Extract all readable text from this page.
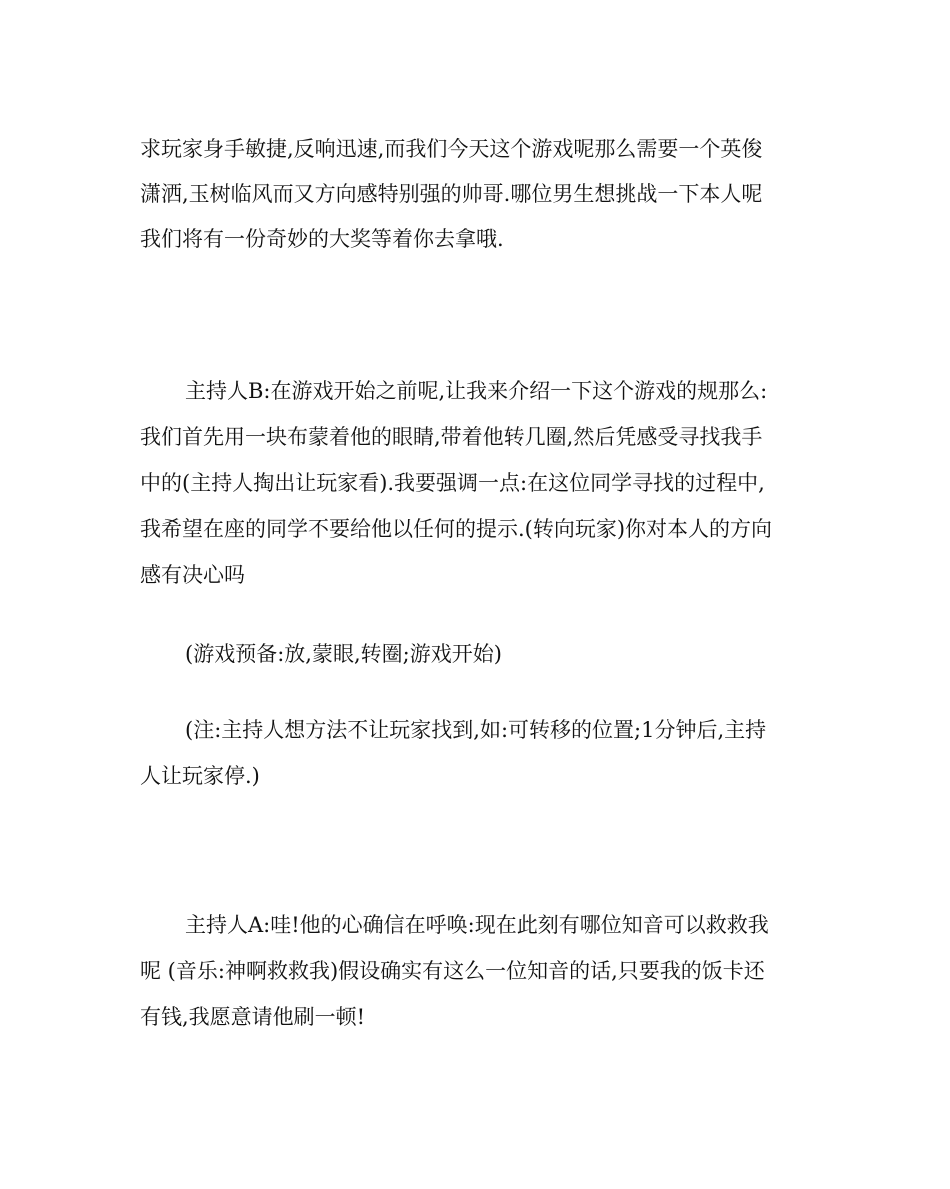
求玩家身手敏捷,反响迅速,而我们今天这个游戏呢那么需要一个英俊

潇洒,玉树临风而又方向感特别强的帅哥.哪位男生想挑战一下本人呢

我们将有一份奇妙的大奖等着你去拿哦.

主持人B:在游戏开始之前呢,让我来介绍一下这个游戏的规那么:

我们首先用一块布蒙着他的眼睛,带着他转几圈,然后凭感受寻找我手

中的(主持人掏出让玩家看).我要强调一点:在这位同学寻找的过程中,

我希望在座的同学不要给他以任何的提示.(转向玩家)你对本人的方向

感有决心吗

(游戏预备:放,蒙眼,转圈;游戏开始)

(注:主持人想方法不让玩家找到,如:可转移的位置;1分钟后,主持

人让玩家停.)

主持人A:哇!他的心确信在呼唤:现在此刻有哪位知音可以救救我

呢 (音乐:神啊救救我)假设确实有这么一位知音的话,只要我的饭卡还

有钱,我愿意请他刷一顿!
